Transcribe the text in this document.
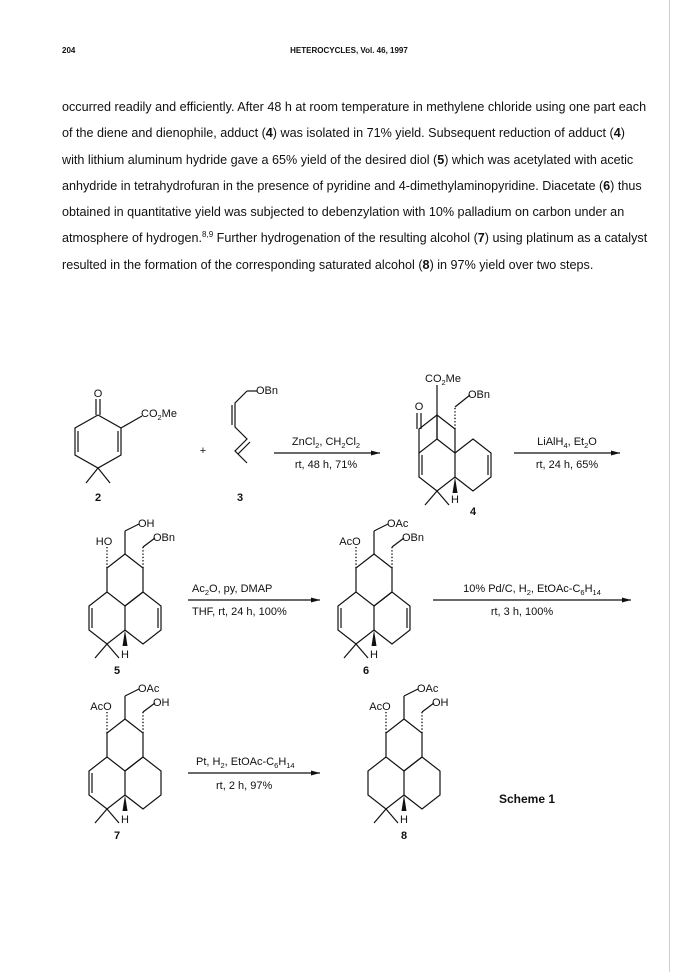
204	HETEROCYCLES, Vol. 46, 1997

occurred readily and efficiently. After 48 h at room temperature in methylene chloride using one part each of the diene and dienophile, adduct (4) was isolated in 71% yield. Subsequent reduction of adduct (4) with lithium aluminum hydride gave a 65% yield of the desired diol (5) which was acetylated with acetic anhydride in tetrahydrofuran in the presence of pyridine and 4-dimethylaminopyridine. Diacetate (6) thus obtained in quantitative yield was subjected to debenzylation with 10% palladium on carbon under an atmosphere of hydrogen.$^{8,9}$ Further hydrogenation of the resulting alcohol (7) using platinum as a catalyst resulted in the formation of the corresponding saturated alcohol (8) in 97% yield over two steps.

O
$CO_2Me$
2
+
OBn
3
ZnCl$_2$, $CH_2Cl_2$
rt, 48 h, 71%
O
$CO_2Me$
OBn
H
4
LiAlH$_4$, $Et_2O$
rt, 24 h, 65%
OH
HO	OBn
H
5
$Ac_2O$, py, DMAP
THF, rt, 24 h, 100%
OAc
AcO	OBn
H
6
10% Pd/C, $H_2$, EtOAc-$C_6H_{14}$
rt, 3 h, 100%
OAc
AcO	OH
H
7
Pt, $H_2$, EtOAc-$C_6H_{14}$
rt, 2 h, 97%
OAc
AcO	OH
H
8
Scheme 1
